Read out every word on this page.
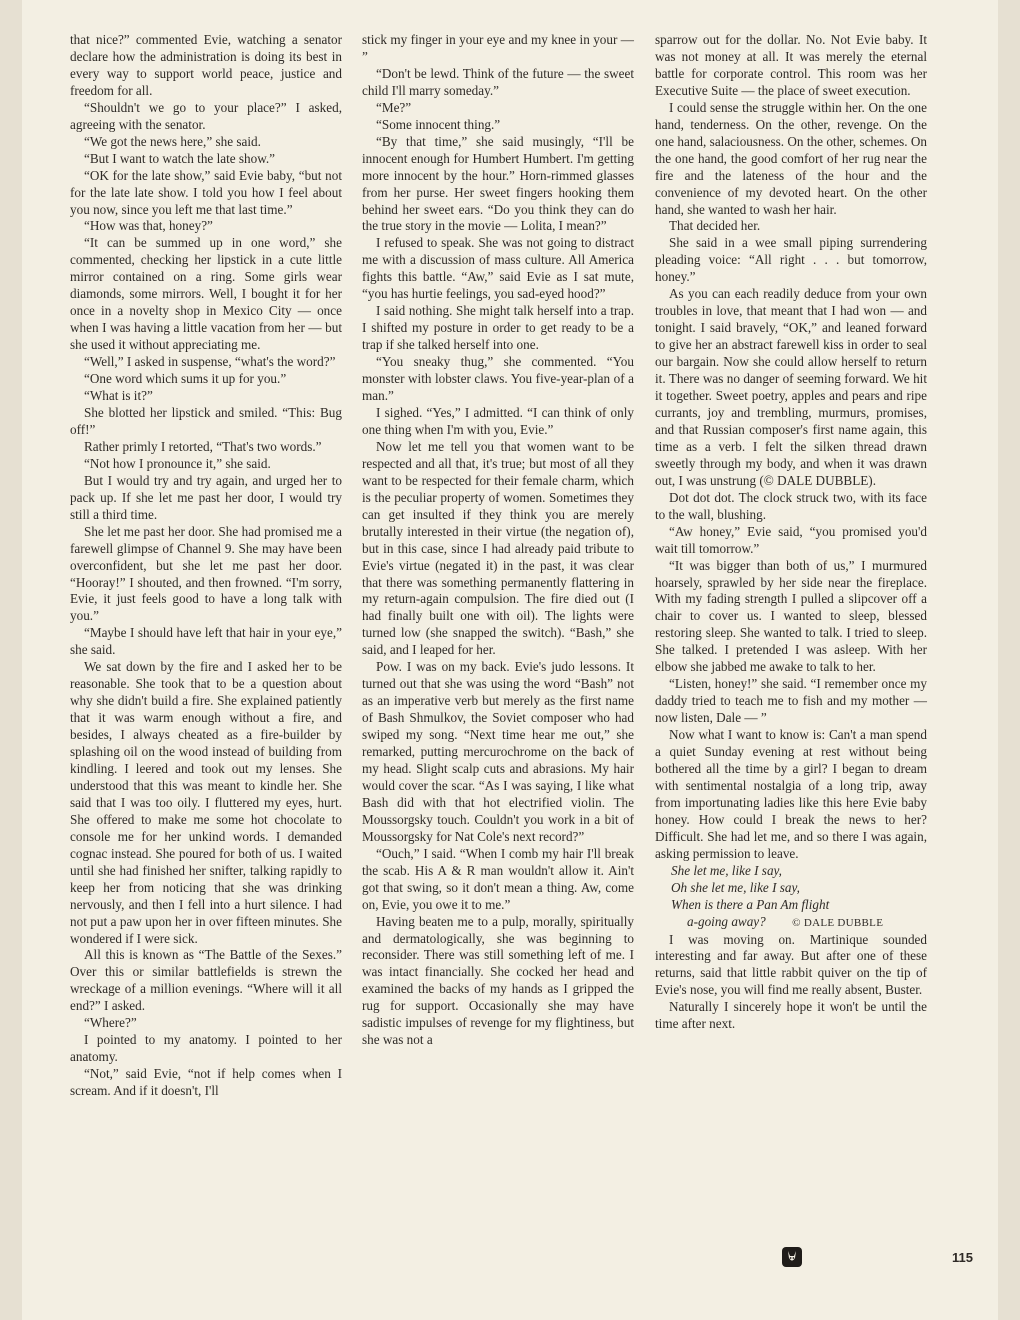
that nice?” commented Evie, watching a senator declare how the administration is doing its best in every way to support world peace, justice and freedom for all.

“Shouldn't we go to your place?” I asked, agreeing with the senator.

“We got the news here,” she said.

“But I want to watch the late show.”

“OK for the late show,” said Evie baby, “but not for the late late show. I told you how I feel about you now, since you left me that last time.”

“How was that, honey?”

“It can be summed up in one word,” she commented, checking her lipstick in a cute little mirror contained on a ring. Some girls wear diamonds, some mirrors. Well, I bought it for her once in a novelty shop in Mexico City — once when I was having a little vacation from her — but she used it without appreciating me.

“Well,” I asked in suspense, “what's the word?”

“One word which sums it up for you.”

“What is it?”

She blotted her lipstick and smiled. “This: Bug off!”

Rather primly I retorted, “That's two words.”

“Not how I pronounce it,” she said.

But I would try and try again, and urged her to pack up. If she let me past her door, I would try still a third time.

She let me past her door. She had promised me a farewell glimpse of Channel 9. She may have been overconfident, but she let me past her door. “Hooray!” I shouted, and then frowned. “I'm sorry, Evie, it just feels good to have a long talk with you.”

“Maybe I should have left that hair in your eye,” she said.

We sat down by the fire and I asked her to be reasonable. She took that to be a question about why she didn't build a fire. She explained patiently that it was warm enough without a fire, and besides, I always cheated as a fire-builder by splashing oil on the wood instead of building from kindling. I leered and took out my lenses. She understood that this was meant to kindle her. She said that I was too oily. I fluttered my eyes, hurt. She offered to make me some hot chocolate to console me for her unkind words. I demanded cognac instead. She poured for both of us. I waited until she had finished her snifter, talking rapidly to keep her from noticing that she was drinking nervously, and then I fell into a hurt silence. I had not put a paw upon her in over fifteen minutes. She wondered if I were sick.

All this is known as “The Battle of the Sexes.” Over this or similar battlefields is strewn the wreckage of a million evenings. “Where will it all end?” I asked.

“Where?”

I pointed to my anatomy. I pointed to her anatomy.

“Not,” said Evie, “not if help comes when I scream. And if it doesn't, I'll

stick my finger in your eye and my knee in your — ”

“Don't be lewd. Think of the future — the sweet child I'll marry someday.”

“Me?”

“Some innocent thing.”

“By that time,” she said musingly, “I'll be innocent enough for Humbert Humbert. I'm getting more innocent by the hour.” Horn-rimmed glasses from her purse. Her sweet fingers hooking them behind her sweet ears. “Do you think they can do the true story in the movie — Lolita, I mean?”

I refused to speak. She was not going to distract me with a discussion of mass culture. All America fights this battle. “Aw,” said Evie as I sat mute, “you has hurtie feelings, you sad-eyed hood?”

I said nothing. She might talk herself into a trap. I shifted my posture in order to get ready to be a trap if she talked herself into one.

“You sneaky thug,” she commented. “You monster with lobster claws. You five-year-plan of a man.”

I sighed. “Yes,” I admitted. “I can think of only one thing when I'm with you, Evie.”

Now let me tell you that women want to be respected and all that, it's true; but most of all they want to be respected for their female charm, which is the peculiar property of women. Sometimes they can get insulted if they think you are merely brutally interested in their virtue (the negation of), but in this case, since I had already paid tribute to Evie's virtue (negated it) in the past, it was clear that there was something permanently flattering in my return-again compulsion. The fire died out (I had finally built one with oil). The lights were turned low (she snapped the switch). “Bash,” she said, and I leaped for her.

Pow. I was on my back. Evie's judo lessons. It turned out that she was using the word “Bash” not as an imperative verb but merely as the first name of Bash Shmulkov, the Soviet composer who had swiped my song. “Next time hear me out,” she remarked, putting mercurochrome on the back of my head. Slight scalp cuts and abrasions. My hair would cover the scar. “As I was saying, I like what Bash did with that hot electrified violin. The Moussorgsky touch. Couldn't you work in a bit of Moussorgsky for Nat Cole's next record?”

“Ouch,” I said. “When I comb my hair I'll break the scab. His A & R man wouldn't allow it. Ain't got that swing, so it don't mean a thing. Aw, come on, Evie, you owe it to me.”

Having beaten me to a pulp, morally, spiritually and dermatologically, she was beginning to reconsider. There was still something left of me. I was intact financially. She cocked her head and examined the backs of my hands as I gripped the rug for support. Occasionally she may have sadistic impulses of revenge for my flightiness, but she was not a

sparrow out for the dollar. No. Not Evie baby. It was not money at all. It was merely the eternal battle for corporate control. This room was her Executive Suite — the place of sweet execution.

I could sense the struggle within her. On the one hand, tenderness. On the other, revenge. On the one hand, salaciousness. On the other, schemes. On the one hand, the good comfort of her rug near the fire and the lateness of the hour and the convenience of my devoted heart. On the other hand, she wanted to wash her hair.

That decided her.

She said in a wee small piping surrendering pleading voice: “All right . . . but tomorrow, honey.”

As you can each readily deduce from your own troubles in love, that meant that I had won — and tonight. I said bravely, “OK,” and leaned forward to give her an abstract farewell kiss in order to seal our bargain. Now she could allow herself to return it. There was no danger of seeming forward. We hit it together. Sweet poetry, apples and pears and ripe currants, joy and trembling, murmurs, promises, and that Russian composer's first name again, this time as a verb. I felt the silken thread drawn sweetly through my body, and when it was drawn out, I was unstrung (© DALE DUBBLE).

Dot dot dot. The clock struck two, with its face to the wall, blushing.

“Aw honey,” Evie said, “you promised you'd wait till tomorrow.”

“It was bigger than both of us,” I murmured hoarsely, sprawled by her side near the fireplace. With my fading strength I pulled a slipcover off a chair to cover us. I wanted to sleep, blessed restoring sleep. She wanted to talk. I tried to sleep. She talked. I pretended I was asleep. With her elbow she jabbed me awake to talk to her.

“Listen, honey!” she said. “I remember once my daddy tried to teach me to fish and my mother — now listen, Dale — ”

Now what I want to know is: Can't a man spend a quiet Sunday evening at rest without being bothered all the time by a girl? I began to dream with sentimental nostalgia of a long trip, away from importunating ladies like this here Evie baby honey. How could I break the news to her? Difficult. She had let me, and so there I was again, asking permission to leave.

She let me, like I say,

Oh she let me, like I say,

When is there a Pan Am flight

a-going away?   © DALE DUBBLE

I was moving on. Martinique sounded interesting and far away. But after one of these returns, said that little rabbit quiver on the tip of Evie's nose, you will find me really absent, Buster.

Naturally I sincerely hope it won't be until the time after next.

115
